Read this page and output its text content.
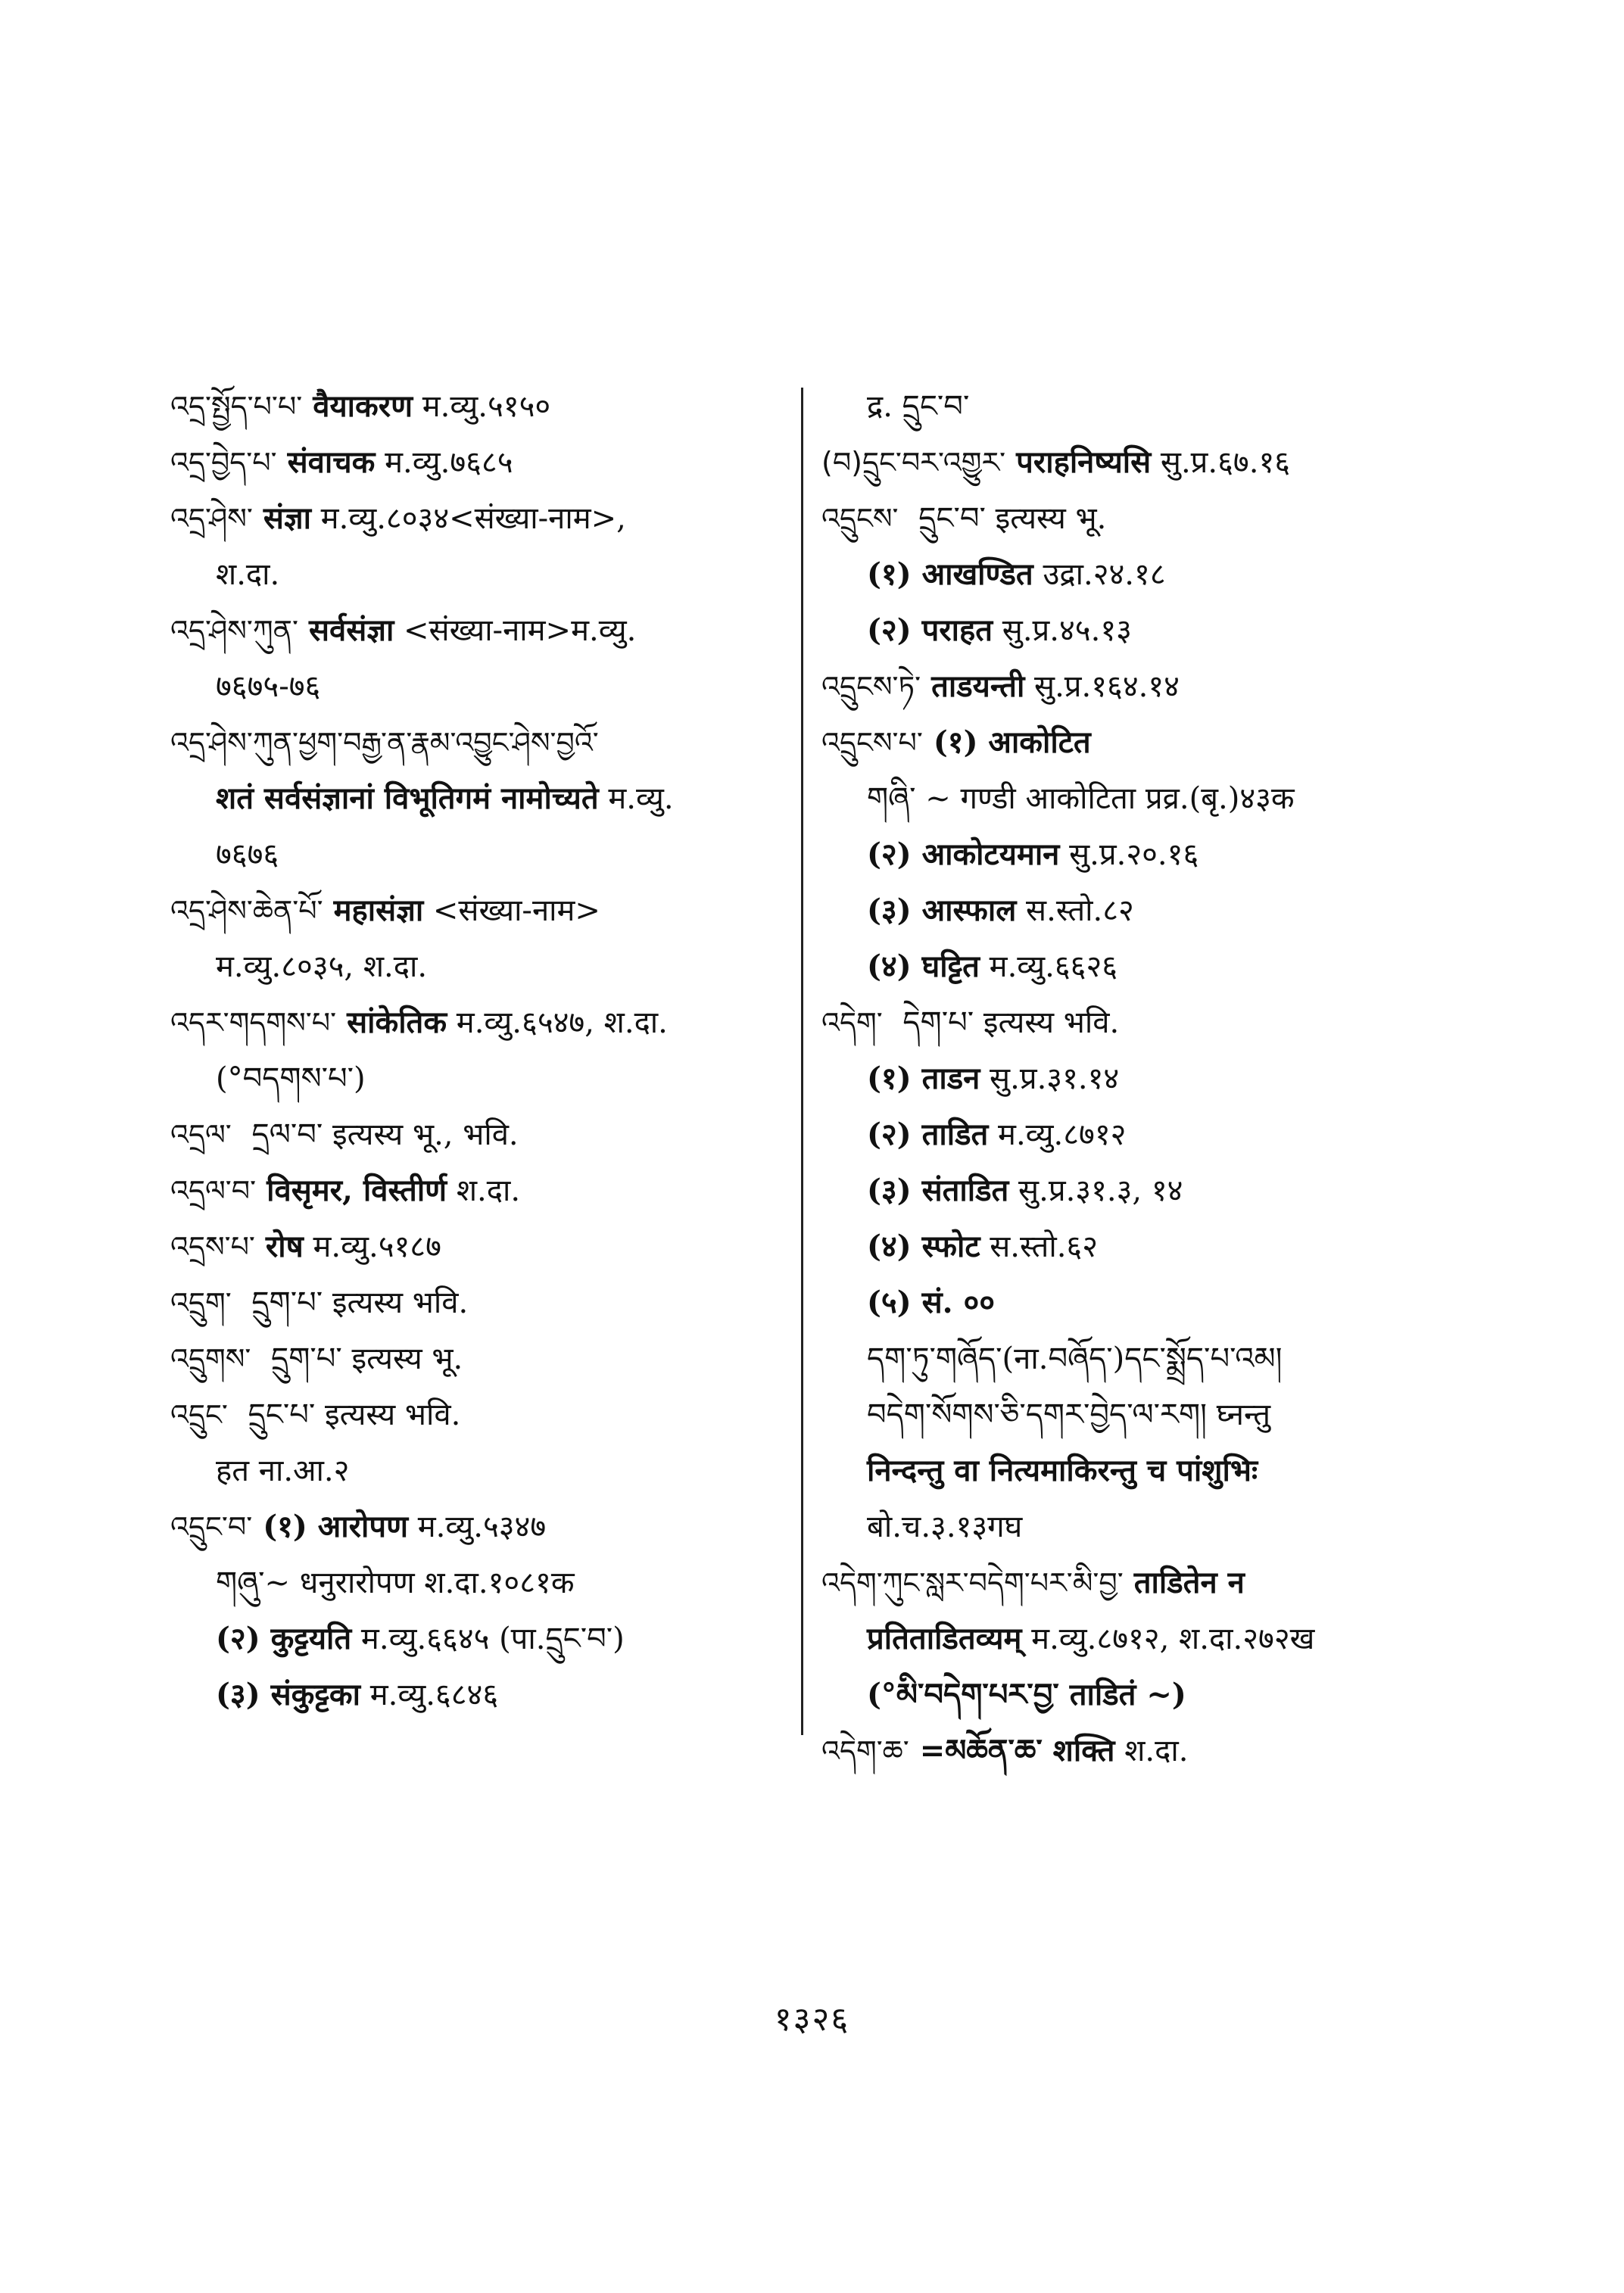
འདྲ་སྤྱོད་པ་པ་ वैयाकरण म.व्यु.५१५०
འདྲ་བྱེད་པ་ संवाचक म.व्यु.७६८५
འདྲ་ཤེས་ संज्ञा म.व्यु.८०३४<संख्या-नाम>,
श.दा.
འདྲ་ཤེས་ཀུན་ सर्वसंज्ञा <संख्या-नाम>म.व्यु.
७६७५-७६
འདྲ་ཤེས་ཀུན་ཕྱག་བརྒྱ་ན་རྣམ་འབྱུང་ཤེས་བྱའོ་
शतं सर्वसंज्ञानां विभूतिगमं नामोच्यते म.व्यु.
७६७६
འདྲ་ཤེས་ཆེན་པོ་ महासंज्ञा <संख्या-नाम>
म.व्यु.८०३५, श.दा.
འདར་གདགས་པ་ सांकेतिक म.व्यु.६५४७, श.दा.
(°བདགས་པ་)
འདྲལ་ དྲལ་བ་ इत्यस्य भू., भवि.
འདྲལ་བ་ विसृमर, विस्तीर्ण श.दा.
འདྲས་པ་ रोष म.व्यु.५१८७
འདྲུག་ དྲུག་པ་ इत्यस्य भवि.
འདྲུགས་ དྲུག་པ་ इत्यस्य भू.
འདྲུང་ དྲུང་པ་ इत्यस्य भवि.
हत ना.आ.२
འདྲུང་བ་ (१) आरोपण म.व्यु.५३४७
གཞུ་~ धनुरारोपण श.दा.१०८१क
(२) कुट्टयति म.व्यु.६६४५ (पा.དྲུང་བ་)
(३) संकुट्टका म.व्यु.६८४६
द्र. དྲུང་བ་
(བ)དྲུང་བར་འགྱུར་ पराहनिष्यसि सु.प्र.६७.१६
འདྲུངས་ དྲུང་བ་ इत्यस्य भू.
(१) आखण्डित उद्रा.२४.१८
(२) पराहत सु.प्र.४५.१३
འདྲུངས་ཏེ་ ताडयन्ती सु.प्र.१६४.१४
འདྲུངས་པ་ (१) आकोटित
གཞི་ ~ गण्डी आकोटिता प्रव्र.(बृ.)४३क
(२) आकोटयमान सु.प्र.२०.१६
(३) आस्फाल स.स्तो.८२
(४) घट्टित म.व्यु.६६२६
འདེག་ དེག་པ་ इत्यस्य भवि.
(१) ताडन सु.प्र.३१.१४
(२) ताडित म.व्यु.८७१२
(३) संताडित सु.प्र.३१.३, १४
(४) स्फोट स.स्तो.६२
(५) सं. ००
དག་ཏུ་གཞོད་(ना.བཞོད་)དང་སྨྲོད་པ་འམ།
བདེག་སོགས་ཅི་དགར་བྱེད་ལ་རག། घ्नन्तु
निन्दन्तु वा नित्यमाकिरन्तु च पांशुभिः
बो.च.३.१३गघ
འདེག་ཀུང་སླར་བདེག་པར་མི་བྱ་ ताडितेन न
प्रतिताडितव्यम् म.व्यु.८७१२, श.दा.२७२ख
(°མི་བདེག་པར་བྱ་ ताडितं ~)
འདེག་ཆ་ =མཆོན་ཆ་ शक्ति श.दा.
१३२६
